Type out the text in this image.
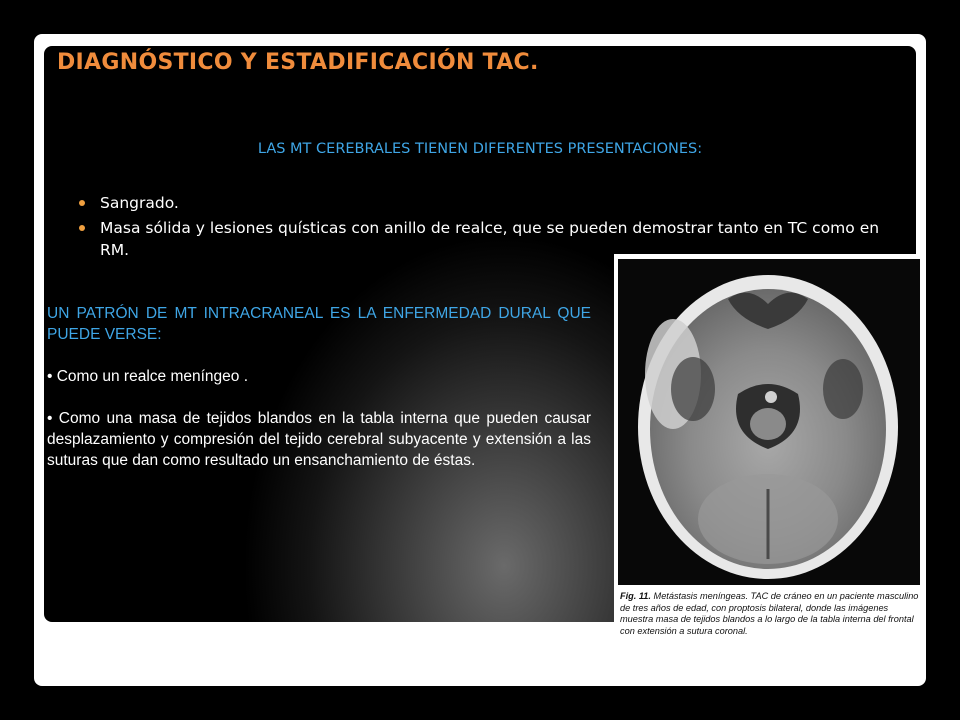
DIAGNÓSTICO Y ESTADIFICACIÓN TAC.

LAS MT CEREBRALES TIENEN DIFERENTES PRESENTACIONES:

Sangrado.
Masa sólida y lesiones quísticas con anillo de realce, que se pueden demostrar tanto en TC como en RM.

UN PATRÓN DE MT INTRACRANEAL ES LA ENFERMEDAD DURAL QUE PUEDE VERSE:

• Como un realce meníngeo .

• Como una masa de tejidos blandos en la tabla interna que pueden causar desplazamiento y compresión del tejido cerebral subyacente y extensión a las suturas que dan como resultado un ensanchamiento de éstas.

Fig. 11. Metástasis meníngeas. TAC de cráneo en un paciente masculino de tres años de edad, con proptosis bilateral, donde las imágenes muestra masa de tejidos blandos a lo largo de la tabla interna del frontal con extensión a sutura coronal.
